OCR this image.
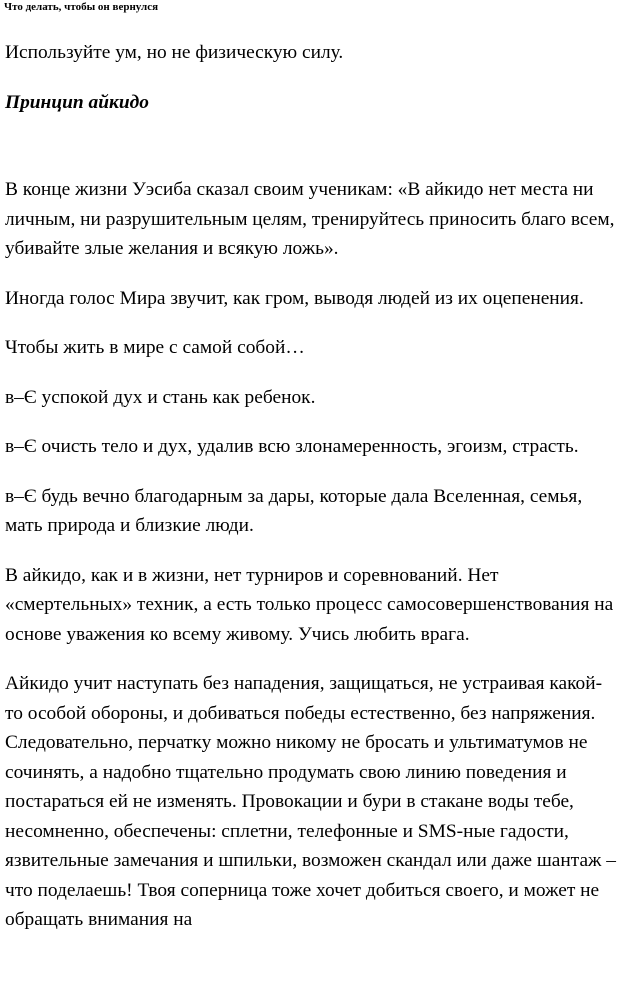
Что делать, чтобы он вернулся

Используйте ум, но не физическую силу.

Принцип айкидо

В конце жизни Уэсиба сказал своим ученикам: «В айкидо нет места ни личным, ни разрушительным целям, тренируйтесь приносить благо всем, убивайте злые желания и всякую ложь».

Иногда голос Мира звучит, как гром, выводя людей из их оцепенения.

Чтобы жить в мире с самой собой…

в–Є успокой дух и стань как ребенок.

в–Є очисть тело и дух, удалив всю злонамеренность, эгоизм, страсть.

в–Є будь вечно благодарным за дары, которые дала Вселенная, семья, мать природа и близкие люди.

В айкидо, как и в жизни, нет турниров и соревнований. Нет «смертельных» техник, а есть только процесс самосовершенствования на основе уважения ко всему живому. Учись любить врага.

Айкидо учит наступать без нападения, защищаться, не устраивая какой-то особой обороны, и добиваться победы естественно, без напряжения. Следовательно, перчатку можно никому не бросать и ультиматумов не сочинять, а надобно тщательно продумать свою линию поведения и постараться ей не изменять. Провокации и бури в стакане воды тебе, несомненно, обеспечены: сплетни, телефонные и SMS-ные гадости, язвительные замечания и шпильки, возможен скандал или даже шантаж – что поделаешь! Твоя соперница тоже хочет добиться своего, и может не обращать внимания на
